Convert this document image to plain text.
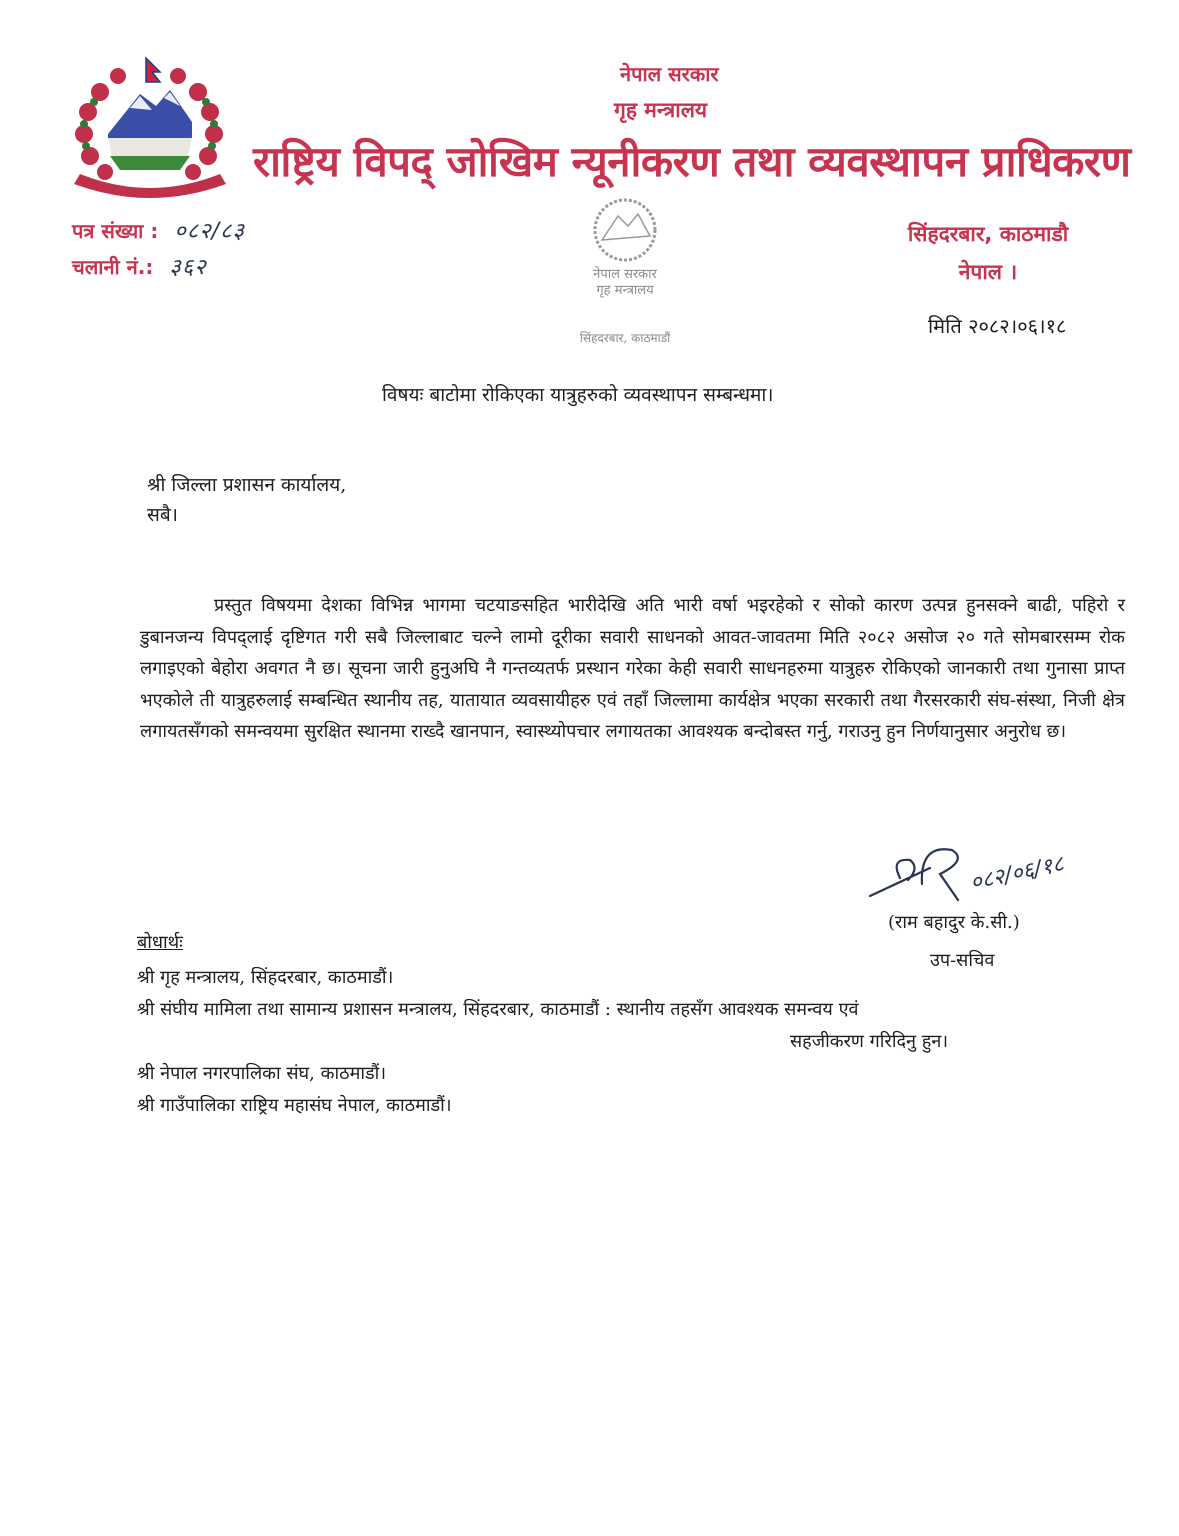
नेपाल सरकार
गृह मन्त्रालय
राष्ट्रिय विपद् जोखिम न्यूनीकरण तथा व्यवस्थापन प्राधिकरण
पत्र संख्या : ०८२/८३
चलानी नं.: ३६२	नेपाल सरकार
गृह मन्त्रालय
सिंहदरबार, काठमाडौं
सिंहदरबार, काठमाडौ
नेपाल ।
मिति २०८२।०६।१८
विषयः बाटोमा रोकिएका यात्रुहरुको व्यवस्थापन सम्बन्धमा।
श्री जिल्ला प्रशासन कार्यालय,
सबै।
प्रस्तुत विषयमा देशका विभिन्न भागमा चटयाङसहित भारीदेखि अति भारी वर्षा भइरहेको र सोको कारण उत्पन्न हुनसक्ने बाढी, पहिरो र डुबानजन्य विपद्लाई दृष्टिगत गरी सबै जिल्लाबाट चल्ने लामो दूरीका सवारी साधनको आवत-जावतमा मिति २०८२ असोज २० गते सोमबारसम्म रोक लगाइएको बेहोरा अवगत नै छ। सूचना जारी हुनुअघि नै गन्तव्यतर्फ प्रस्थान गरेका केही सवारी साधनहरुमा यात्रुहरु रोकिएको जानकारी तथा गुनासा प्राप्त भएकोले ती यात्रुहरुलाई सम्बन्धित स्थानीय तह, यातायात व्यवसायीहरु एवं तहाँ जिल्लामा कार्यक्षेत्र भएका सरकारी तथा गैरसरकारी संघ-संस्था, निजी क्षेत्र लगायतसँगको समन्वयमा सुरक्षित स्थानमा राख्दै खानपान, स्वास्थ्योपचार लगायतका आवश्यक बन्दोबस्त गर्नु, गराउनु हुन निर्णयानुसार अनुरोध छ।
०८२/०६/१८
(राम बहादुर के.सी.)
उप-सचिव
बोधार्थः
श्री गृह मन्त्रालय, सिंहदरबार, काठमाडौं।
श्री संघीय मामिला तथा सामान्य प्रशासन मन्त्रालय, सिंहदरबार, काठमाडौं : स्थानीय तहसँग आवश्यक समन्वय एवं
सहजीकरण गरिदिनु हुन।
श्री नेपाल नगरपालिका संघ, काठमाडौं।
श्री गाउँपालिका राष्ट्रिय महासंघ नेपाल, काठमाडौं।
